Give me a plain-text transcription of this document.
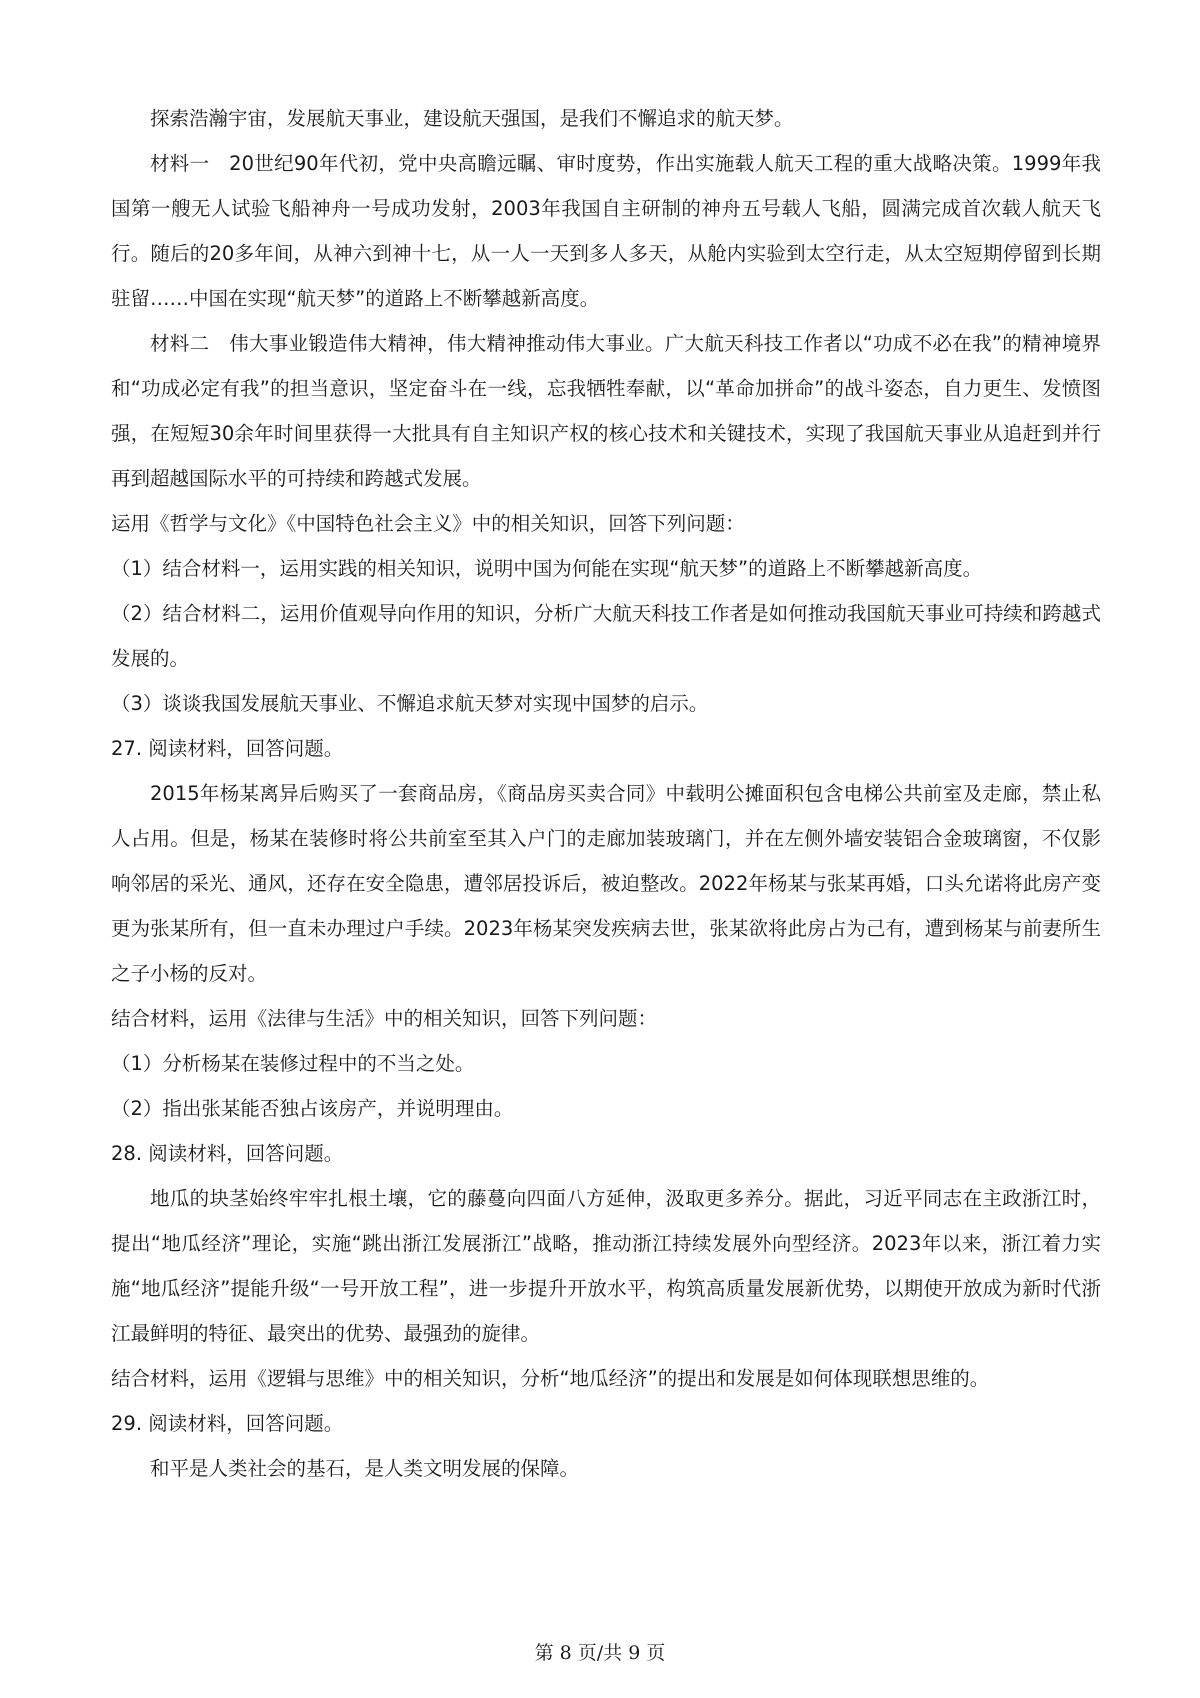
探索浩瀚宇宙，发展航天事业，建设航天强国，是我们不懈追求的航天梦。

材料一　20世纪90年代初，党中央高瞻远瞩、审时度势，作出实施载人航天工程的重大战略决策。1999年我国第一艘无人试验飞船神舟一号成功发射，2003年我国自主研制的神舟五号载人飞船，圆满完成首次载人航天飞行。随后的20多年间，从神六到神十七，从一人一天到多人多天，从舱内实验到太空行走，从太空短期停留到长期驻留……中国在实现“航天梦”的道路上不断攀越新高度。

材料二　伟大事业锻造伟大精神，伟大精神推动伟大事业。广大航天科技工作者以“功成不必在我”的精神境界和“功成必定有我”的担当意识，坚定奋斗在一线，忘我牺牲奉献，以“革命加拼命”的战斗姿态，自力更生、发愤图强，在短短30余年时间里获得一大批具有自主知识产权的核心技术和关键技术，实现了我国航天事业从追赶到并行再到超越国际水平的可持续和跨越式发展。

运用《哲学与文化》《中国特色社会主义》中的相关知识，回答下列问题：

（1）结合材料一，运用实践的相关知识，说明中国为何能在实现“航天梦”的道路上不断攀越新高度。

（2）结合材料二，运用价值观导向作用的知识，分析广大航天科技工作者是如何推动我国航天事业可持续和跨越式发展的。

（3）谈谈我国发展航天事业、不懈追求航天梦对实现中国梦的启示。

27. 阅读材料，回答问题。

2015年杨某离异后购买了一套商品房，《商品房买卖合同》中载明公摊面积包含电梯公共前室及走廊，禁止私人占用。但是，杨某在装修时将公共前室至其入户门的走廊加装玻璃门，并在左侧外墙安装铝合金玻璃窗，不仅影响邻居的采光、通风，还存在安全隐患，遭邻居投诉后，被迫整改。2022年杨某与张某再婚，口头允诺将此房产变更为张某所有，但一直未办理过户手续。2023年杨某突发疾病去世，张某欲将此房占为己有，遭到杨某与前妻所生之子小杨的反对。

结合材料，运用《法律与生活》中的相关知识，回答下列问题：

（1）分析杨某在装修过程中的不当之处。

（2）指出张某能否独占该房产，并说明理由。

28. 阅读材料，回答问题。

地瓜的块茎始终牢牢扎根土壤，它的藤蔓向四面八方延伸，汲取更多养分。据此，习近平同志在主政浙江时，提出“地瓜经济”理论，实施“跳出浙江发展浙江”战略，推动浙江持续发展外向型经济。2023年以来，浙江着力实施“地瓜经济”提能升级“一号开放工程”，进一步提升开放水平，构筑高质量发展新优势，以期使开放成为新时代浙江最鲜明的特征、最突出的优势、最强劲的旋律。

结合材料，运用《逻辑与思维》中的相关知识，分析“地瓜经济”的提出和发展是如何体现联想思维的。

29. 阅读材料，回答问题。

和平是人类社会的基石，是人类文明发展的保障。

第 8 页/共 9 页
